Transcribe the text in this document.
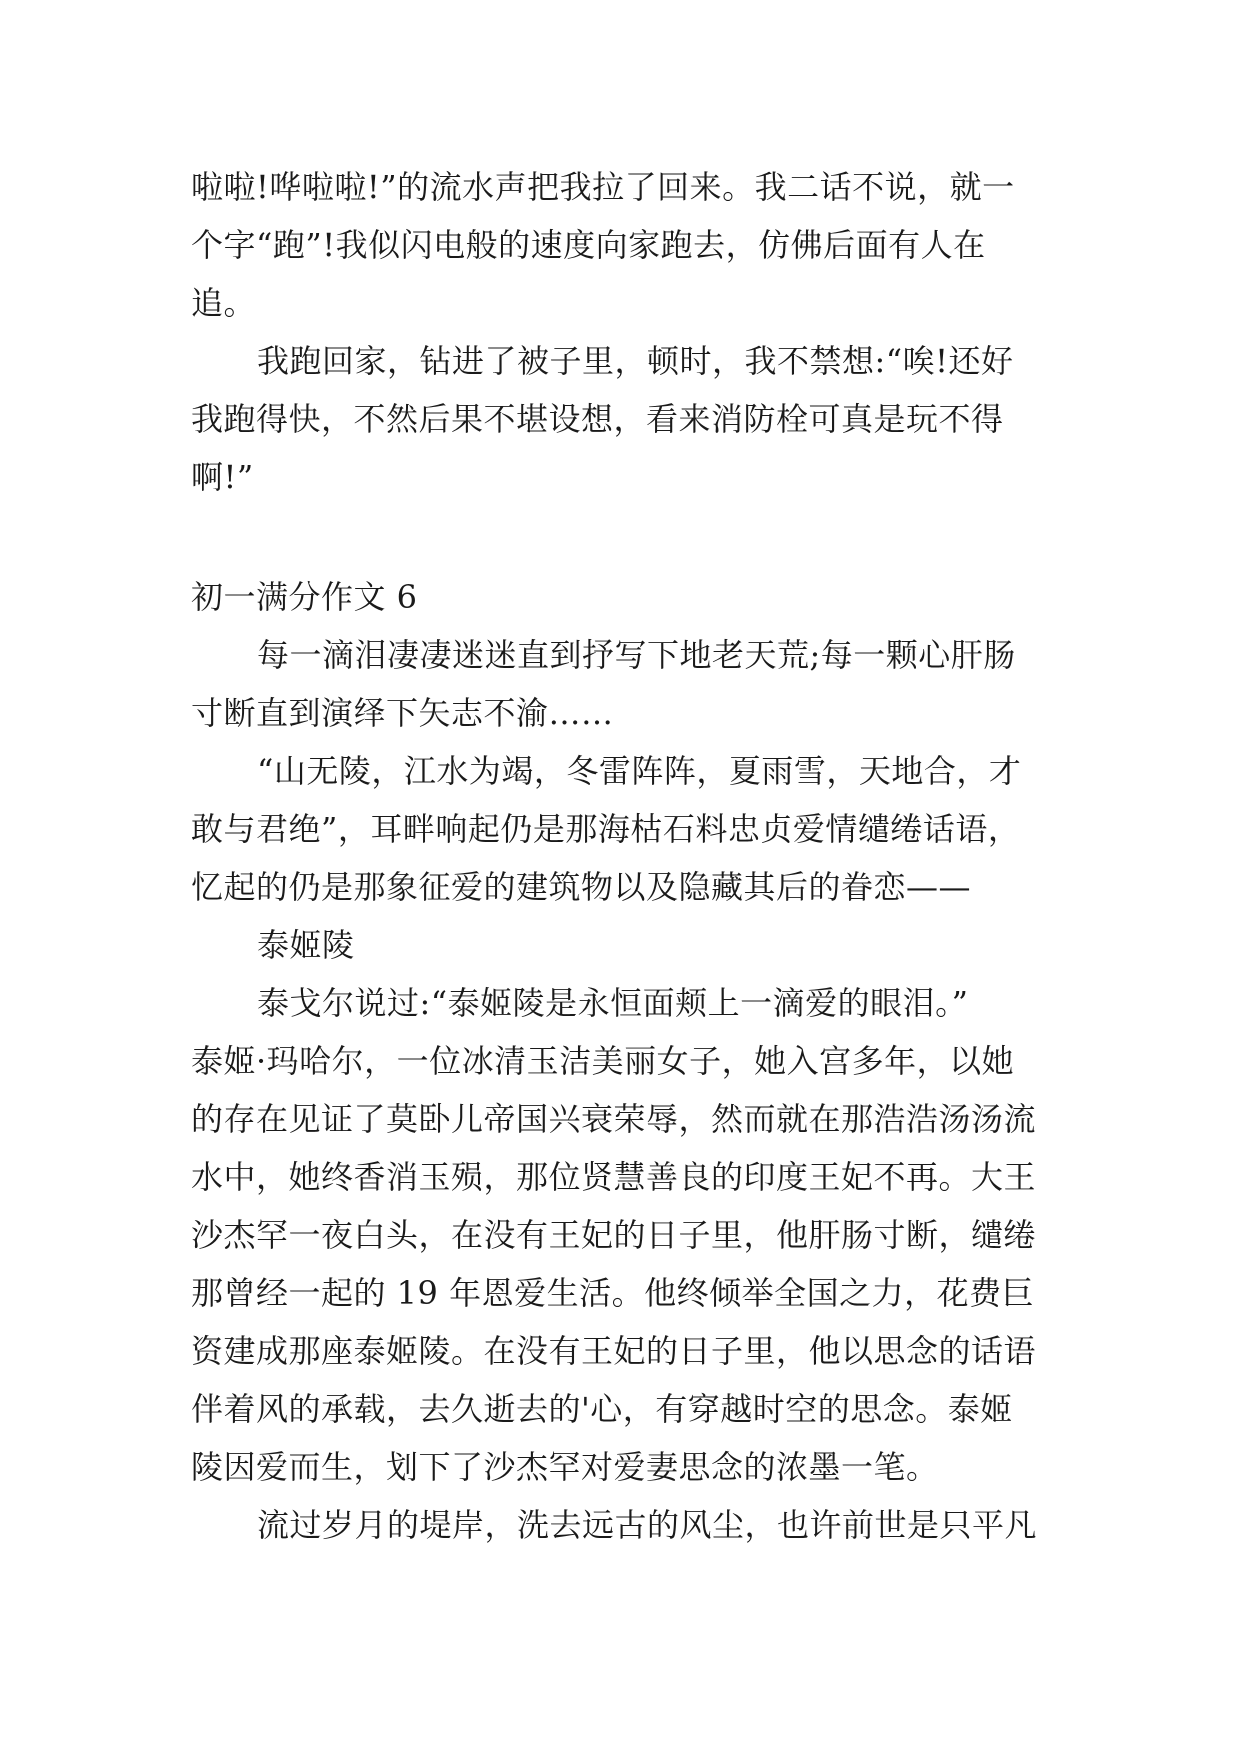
啦啦!哗啦啦!”的流水声把我拉了回来。我二话不说，就一
个字“跑”!我似闪电般的速度向家跑去，仿佛后面有人在
追。
我跑回家，钻进了被子里，顿时，我不禁想:“唉!还好
我跑得快，不然后果不堪设想，看来消防栓可真是玩不得
啊!”
初一满分作文 6
每一滴泪凄凄迷迷直到抒写下地老天荒;每一颗心肝肠
寸断直到演绎下矢志不渝……
“山无陵，江水为竭，冬雷阵阵，夏雨雪，天地合，才
敢与君绝”，耳畔响起仍是那海枯石料忠贞爱情缱绻话语，
忆起的仍是那象征爱的建筑物以及隐藏其后的眷恋——
泰姬陵
泰戈尔说过:“泰姬陵是永恒面颊上一滴爱的眼泪。”
泰姬·玛哈尔，一位冰清玉洁美丽女子，她入宫多年，以她
的存在见证了莫卧儿帝国兴衰荣辱，然而就在那浩浩汤汤流
水中，她终香消玉殒，那位贤慧善良的印度王妃不再。大王
沙杰罕一夜白头，在没有王妃的日子里，他肝肠寸断，缱绻
那曾经一起的 19 年恩爱生活。他终倾举全国之力，花费巨
资建成那座泰姬陵。在没有王妃的日子里，他以思念的话语
伴着风的承载，去久逝去的'心，有穿越时空的思念。泰姬
陵因爱而生，划下了沙杰罕对爱妻思念的浓墨一笔。
流过岁月的堤岸，洗去远古的风尘，也许前世是只平凡
